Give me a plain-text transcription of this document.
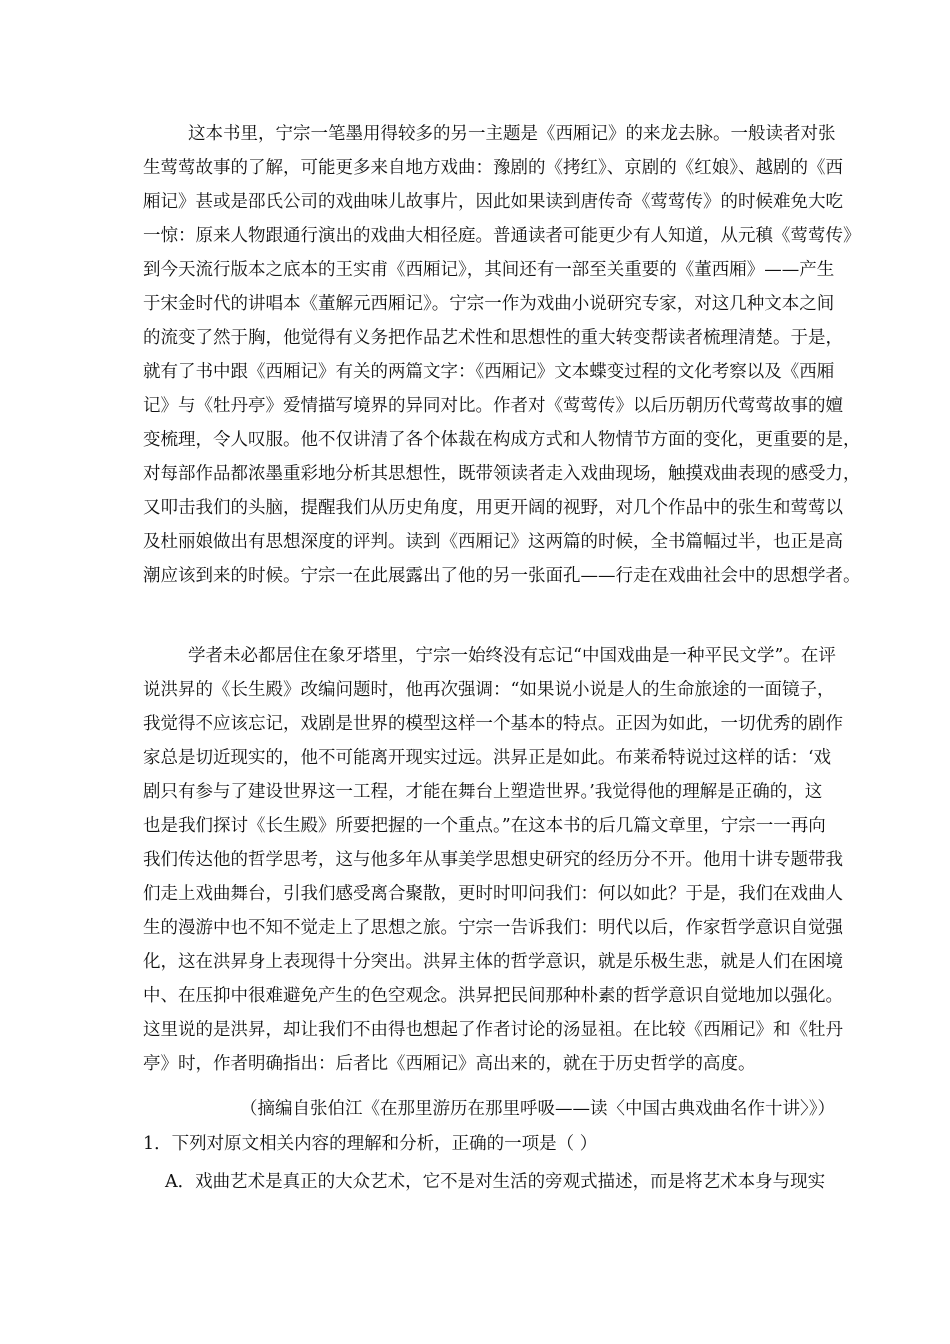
这本书里，宁宗一笔墨用得较多的另一主题是《西厢记》的来龙去脉。一般读者对张
生莺莺故事的了解，可能更多来自地方戏曲：豫剧的《拷红》、京剧的《红娘》、越剧的《西
厢记》甚或是邵氏公司的戏曲味儿故事片，因此如果读到唐传奇《莺莺传》的时候难免大吃
一惊：原来人物跟通行演出的戏曲大相径庭。普通读者可能更少有人知道，从元稹《莺莺传》
到今天流行版本之底本的王实甫《西厢记》，其间还有一部至关重要的《董西厢》——产生
于宋金时代的讲唱本《董解元西厢记》。宁宗一作为戏曲小说研究专家，对这几种文本之间
的流变了然于胸，他觉得有义务把作品艺术性和思想性的重大转变帮读者梳理清楚。于是，
就有了书中跟《西厢记》有关的两篇文字：《西厢记》文本蝶变过程的文化考察以及《西厢
记》与《牡丹亭》爱情描写境界的异同对比。作者对《莺莺传》以后历朝历代莺莺故事的嬗
变梳理，令人叹服。他不仅讲清了各个体裁在构成方式和人物情节方面的变化，更重要的是，
对每部作品都浓墨重彩地分析其思想性，既带领读者走入戏曲现场，触摸戏曲表现的感受力，
又叩击我们的头脑，提醒我们从历史角度，用更开阔的视野，对几个作品中的张生和莺莺以
及杜丽娘做出有思想深度的评判。读到《西厢记》这两篇的时候，全书篇幅过半，也正是高
潮应该到来的时候。宁宗一在此展露出了他的另一张面孔——行走在戏曲社会中的思想学者。
学者未必都居住在象牙塔里，宁宗一始终没有忘记“中国戏曲是一种平民文学”。在评
说洪昇的《长生殿》改编问题时，他再次强调：“如果说小说是人的生命旅途的一面镜子，
我觉得不应该忘记，戏剧是世界的模型这样一个基本的特点。正因为如此，一切优秀的剧作
家总是切近现实的，他不可能离开现实过远。洪昇正是如此。布莱希特说过这样的话：‘戏
剧只有参与了建设世界这一工程，才能在舞台上塑造世界。’我觉得他的理解是正确的，这
也是我们探讨《长生殿》所要把握的一个重点。”在这本书的后几篇文章里，宁宗一一再向
我们传达他的哲学思考，这与他多年从事美学思想史研究的经历分不开。他用十讲专题带我
们走上戏曲舞台，引我们感受离合聚散，更时时叩问我们：何以如此？于是，我们在戏曲人
生的漫游中也不知不觉走上了思想之旅。宁宗一告诉我们：明代以后，作家哲学意识自觉强
化，这在洪昇身上表现得十分突出。洪昇主体的哲学意识，就是乐极生悲，就是人们在困境
中、在压抑中很难避免产生的色空观念。洪昇把民间那种朴素的哲学意识自觉地加以强化。
这里说的是洪昇，却让我们不由得也想起了作者讨论的汤显祖。在比较《西厢记》和《牡丹
亭》时，作者明确指出：后者比《西厢记》高出来的，就在于历史哲学的高度。
（摘编自张伯江《在那里游历在那里呼吸——读〈中国古典戏曲名作十讲〉》）
1．下列对原文相关内容的理解和分析，正确的一项是（ ）
A．戏曲艺术是真正的大众艺术，它不是对生活的旁观式描述，而是将艺术本身与现实
